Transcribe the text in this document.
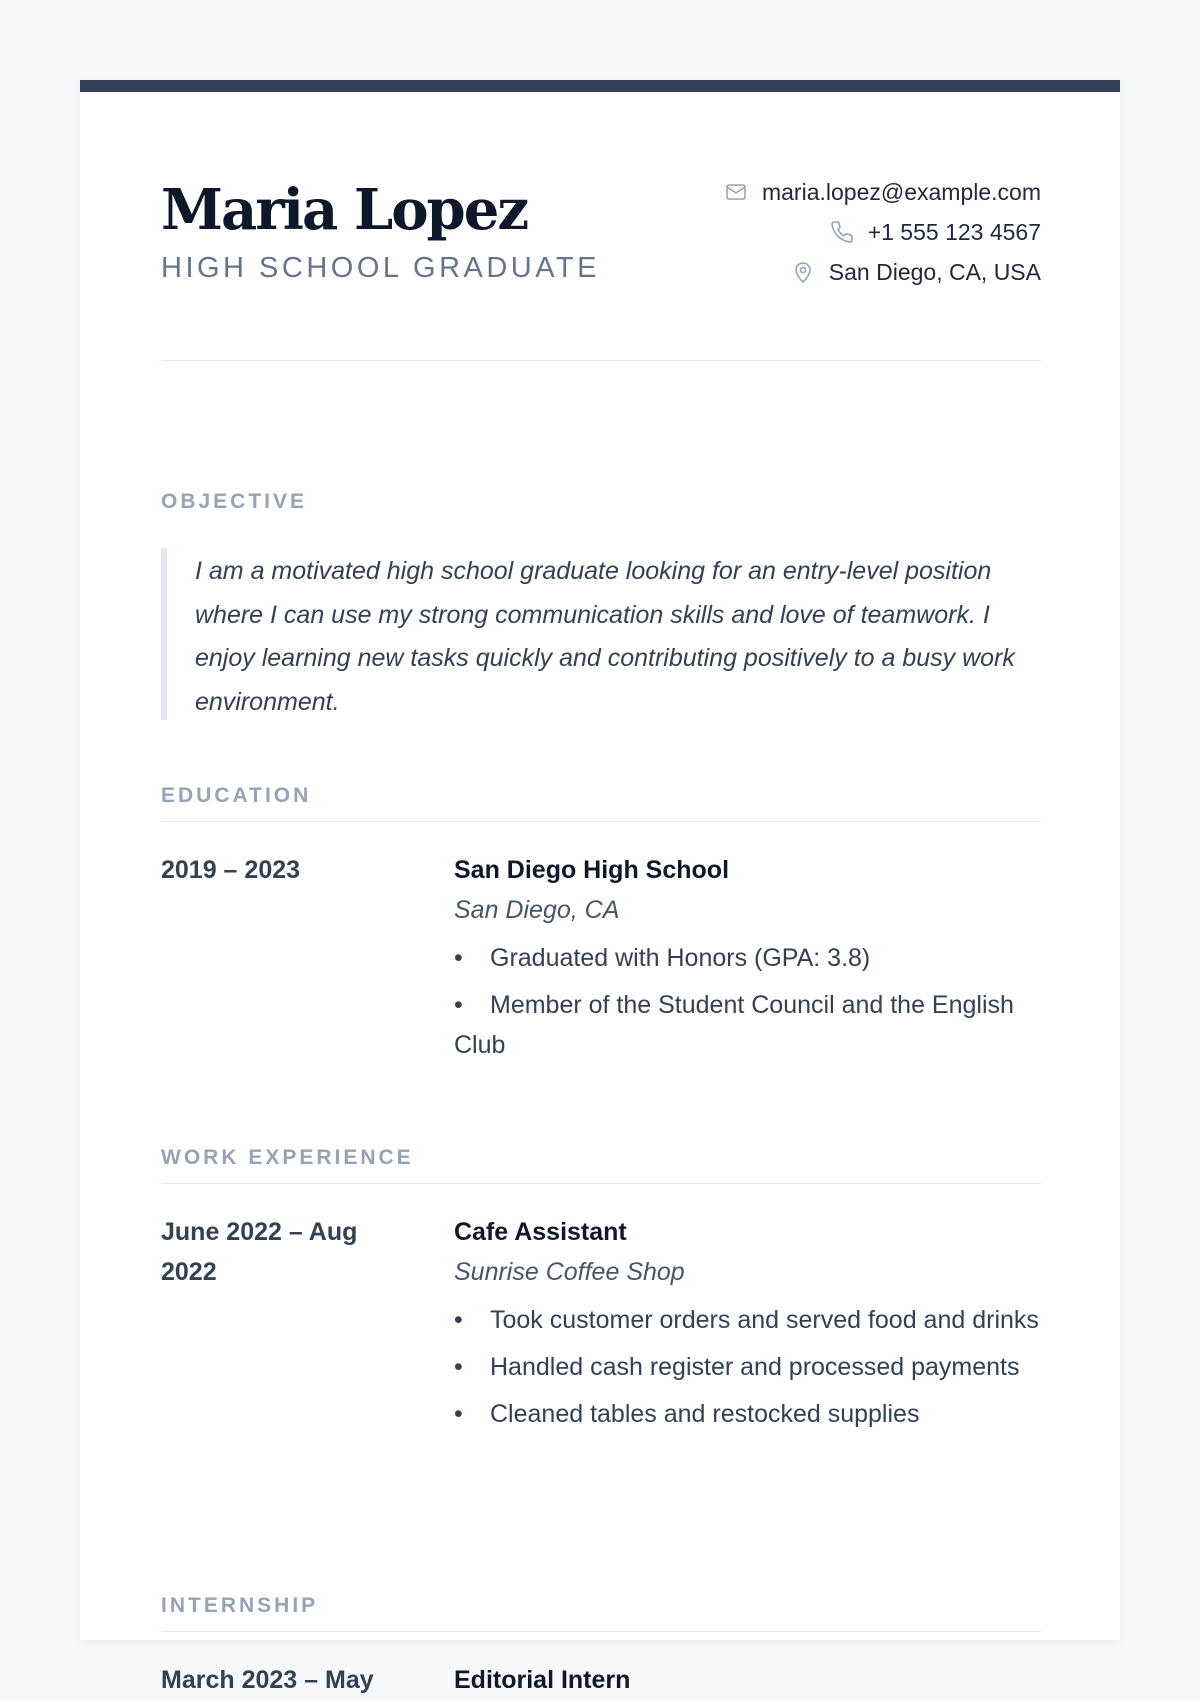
Maria Lopez
HIGH SCHOOL GRADUATE
maria.lopez@example.com
+1 555 123 4567
San Diego, CA, USA
OBJECTIVE
I am a motivated high school graduate looking for an entry-level position where I can use my strong communication skills and love of teamwork. I enjoy learning new tasks quickly and contributing positively to a busy work environment.
EDUCATION
2019 – 2023	San Diego High School
San Diego, CA
• Graduated with Honors (GPA: 3.8)
• Member of the Student Council and the English Club
WORK EXPERIENCE
June 2022 – Aug 2022
Cafe Assistant
Sunrise Coffee Shop
• Took customer orders and served food and drinks
• Handled cash register and processed payments
• Cleaned tables and restocked supplies
INTERNSHIP
March 2023 – May	Editorial Intern
